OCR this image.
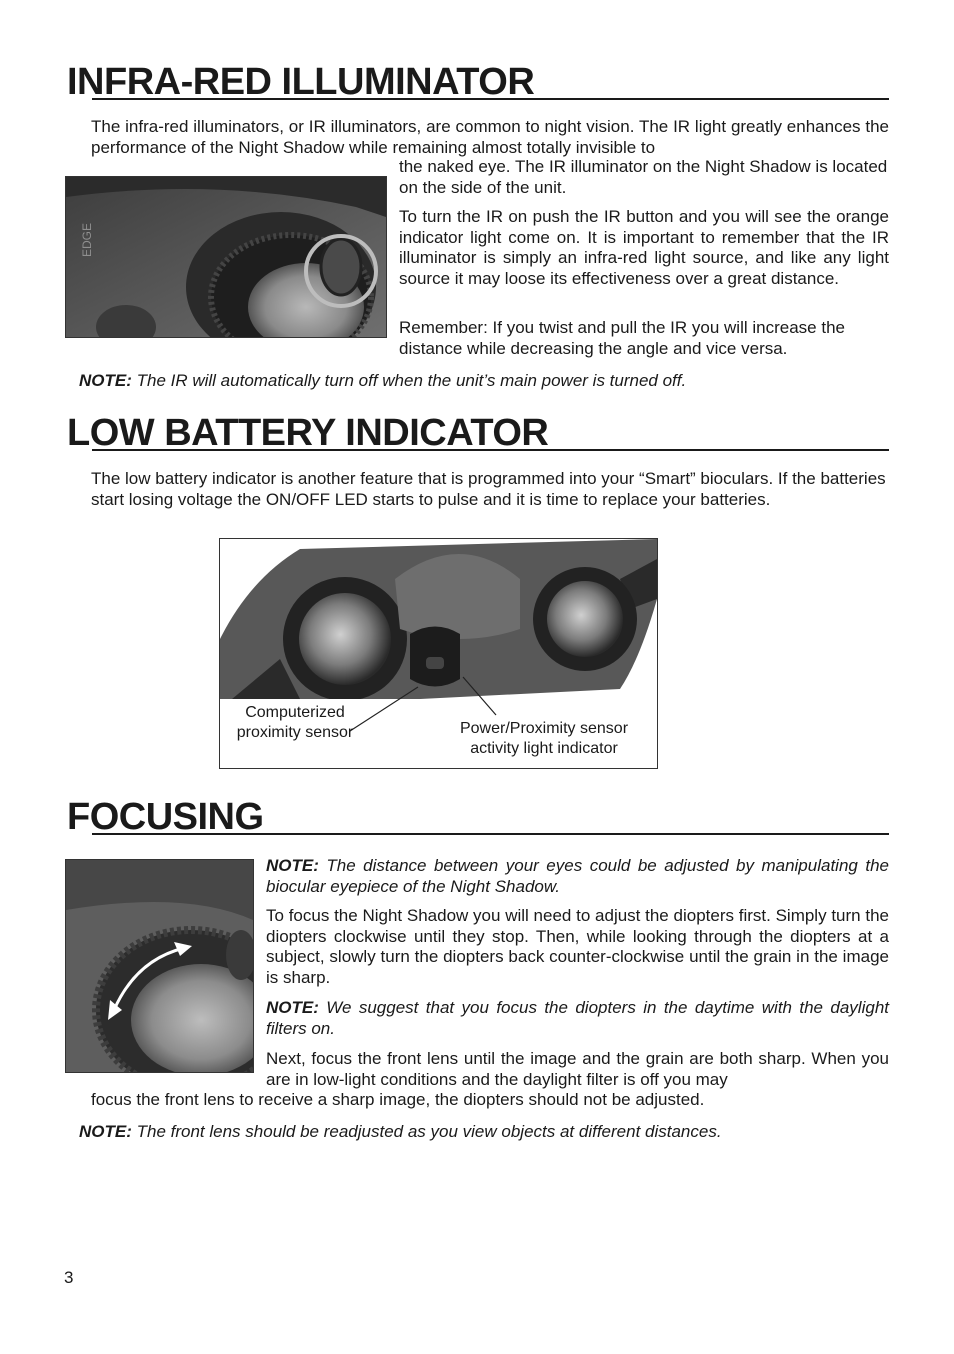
INFRA-RED ILLUMINATOR

The infra-red illuminators, or IR illuminators, are common to night vision. The IR light greatly enhances the performance of the Night Shadow while remaining almost totally invisible to

EDGE

the naked eye. The IR illuminator on the Night Shadow is located on the side of the unit.

To turn the IR on push the IR button and you will see the orange indicator light come on. It is important to remember that the IR illuminator is simply an infra-red light source, and like any light source it may loose its effectiveness over a great distance.

Remember: If you twist and pull the IR you will increase the distance while decreasing the angle and vice versa.

NOTE: The IR will automatically turn off when the unit’s main power is turned off.

LOW BATTERY INDICATOR

The low battery indicator is another feature that is programmed into your “Smart” bioculars. If the batteries start losing voltage the ON/OFF LED starts to pulse and it is time to replace your batteries.

Computerized proximity sensor	Power/Proximity sensor activity light indicator
FOCUSING

NOTE: The distance between your eyes could be adjusted by manipulating the biocular eyepiece of the Night Shadow.

To focus the Night Shadow you will need to adjust the diopters first. Simply turn the diopters clockwise until they stop. Then, while looking through the diopters at a subject, slowly turn the diopters back counter-clockwise until the grain in the image is sharp.

NOTE: We suggest that you focus the diopters in the daytime with the daylight filters on.

Next, focus the front lens until the image and the grain are both sharp. When you are in low-light conditions and the daylight filter is off you may

focus the front lens to receive a sharp image, the diopters should not be adjusted.

NOTE: The front lens should be readjusted as you view objects at different distances.

3
